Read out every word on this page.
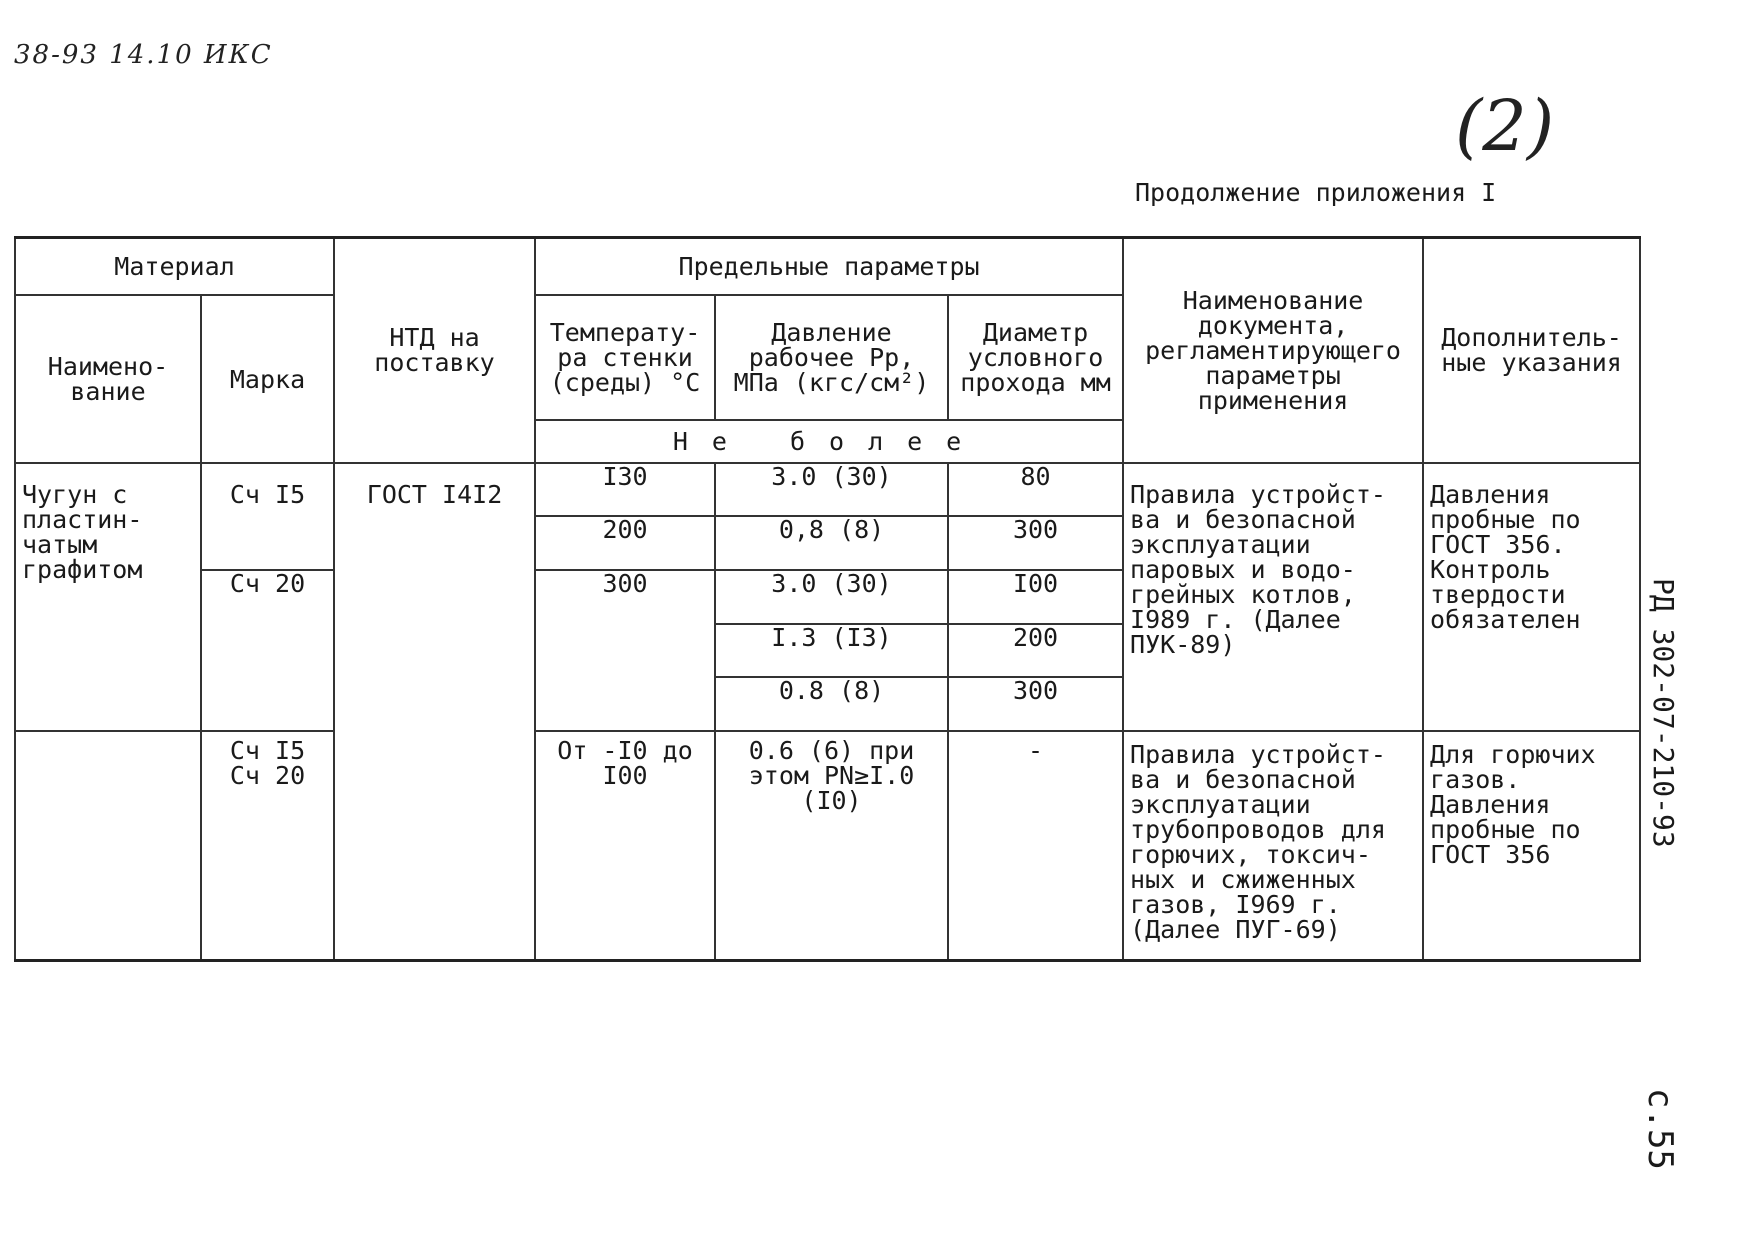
38-93 14.10 ИКС
(2)
Продолжение приложения I
РД 302-07-210-93
с.55
Материал		НТД на поставку	Предельные параметры			Наименование документа, регламентирующего параметры применения	Дополнитель- ные указания
Наимено- вание	Марка		Температу- ра стенки (среды) °С	Давление рабочее Рр, МПа (кгс/см²)	Диаметр условного прохода мм		
			Не более				
Чугун с пластин- чатым графитом	Сч I5	ГОСТ I4I2	I30	3.0 (30)	80	Правила устройст- ва и безопасной эксплуатации паровых и водо- грейных котлов, I989 г. (Далее ПУК-89)	Давления пробные по ГОСТ 356. Контроль твердости обязателен
			200	0,8 (8)	300		
	Сч 20		300	3.0 (30)	I00		
				I.3 (I3)	200		
				0.8 (8)	300		
	Сч I5 Сч 20		От -I0 до I00	0.6 (6) при этом PN≥I.0 (I0)	-	Правила устройст- ва и безопасной эксплуатации трубопроводов для горючих, токсич- ных и сжиженных газов, I969 г. (Далее ПУГ-69)	Для горючих газов. Давления пробные по ГОСТ 356
